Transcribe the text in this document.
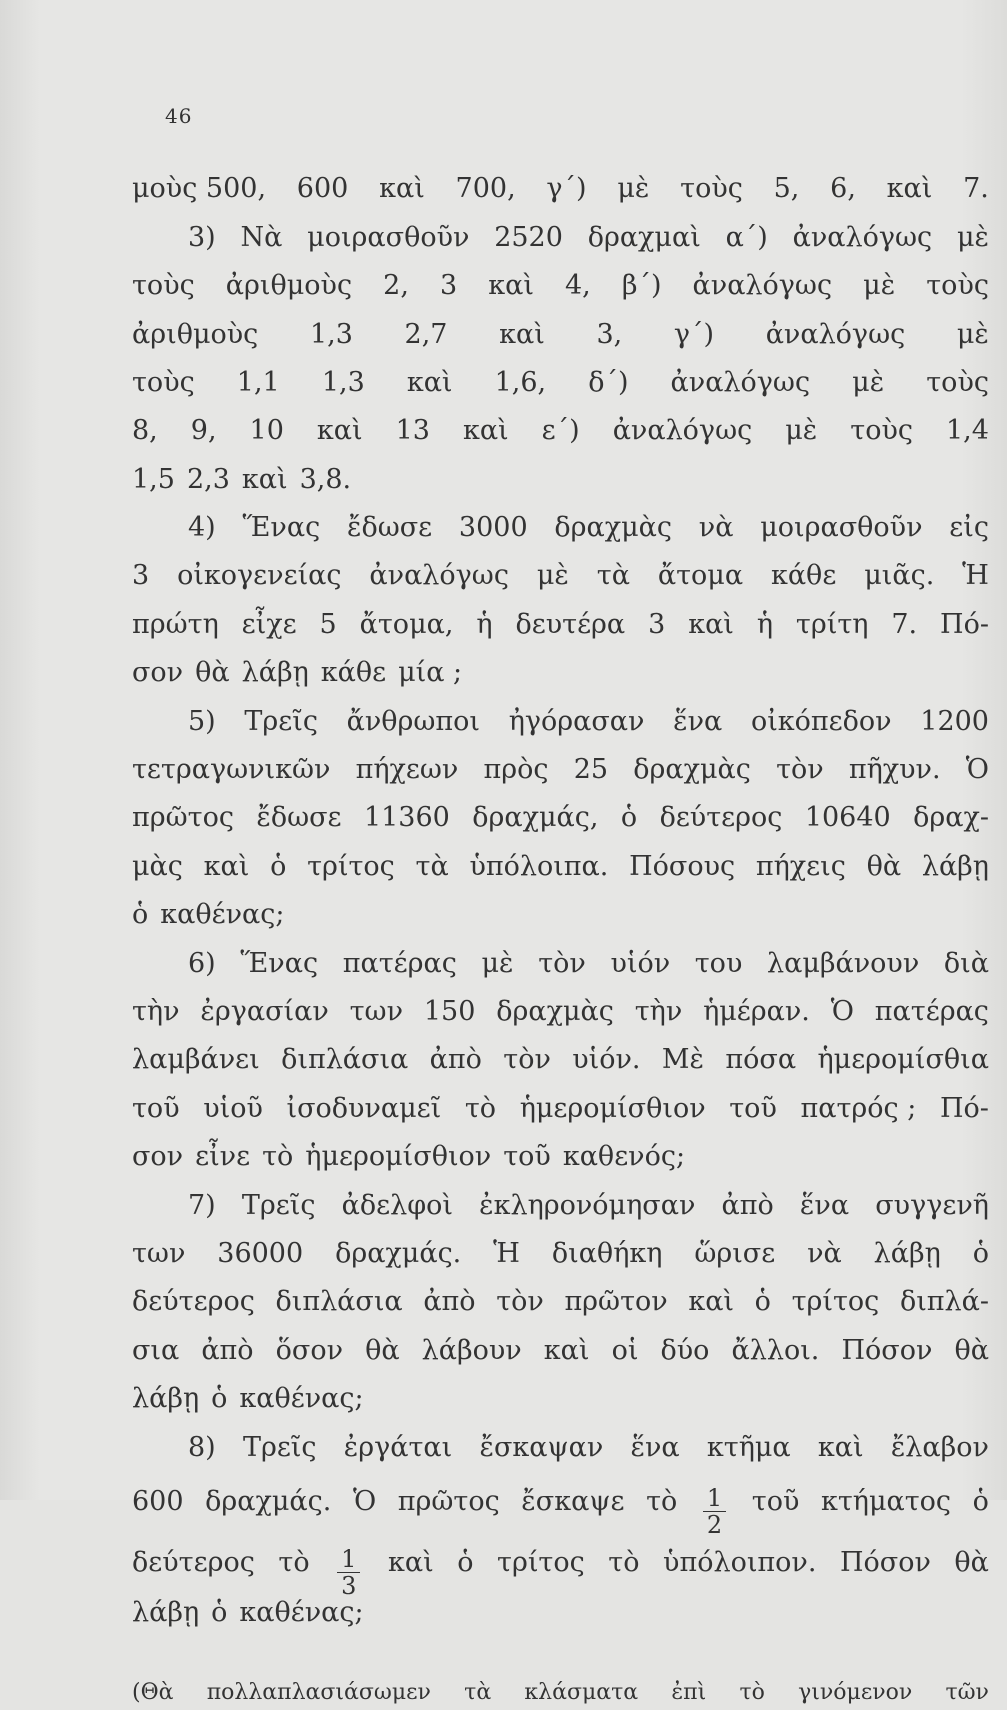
46
μοὺς 500, 600 καὶ 700, γ΄) μὲ τοὺς 5, 6, καὶ 7.
3) Νὰ μοιρασθοῦν 2520 δραχμαὶ α΄) ἀναλόγως μὲ
τοὺς ἀριθμοὺς 2, 3 καὶ 4, β΄) ἀναλόγως μὲ τοὺς
ἀριθμοὺς 1,3 2,7 καὶ 3, γ΄) ἀναλόγως μὲ
τοὺς 1,1 1,3 καὶ 1,6, δ΄) ἀναλόγως μὲ τοὺς
8, 9, 10 καὶ 13 καὶ ε΄) ἀναλόγως μὲ τοὺς 1,4
1,5 2,3 καὶ 3,8.
4) Ἕνας ἔδωσε 3000 δραχμὰς νὰ μοιρασθοῦν εἰς
3 οἰκογενείας ἀναλόγως μὲ τὰ ἄτομα κάθε μιᾶς. Ἡ
πρώτη εἶχε 5 ἄτομα, ἡ δευτέρα 3 καὶ ἡ τρίτη 7. Πό-
σον θὰ λάβῃ κάθε μία ;
5) Τρεῖς ἄνθρωποι ἠγόρασαν ἕνα οἰκόπεδον 1200
τετραγωνικῶν πήχεων πρὸς 25 δραχμὰς τὸν πῆχυν. Ὁ
πρῶτος ἔδωσε 11360 δραχμάς, ὁ δεύτερος 10640 δραχ-
μὰς καὶ ὁ τρίτος τὰ ὑπόλοιπα. Πόσους πήχεις θὰ λάβῃ
ὁ καθένας;
6) Ἕνας πατέρας μὲ τὸν υἱόν του λαμβάνουν διὰ
τὴν ἐργασίαν των 150 δραχμὰς τὴν ἡμέραν. Ὁ πατέρας
λαμβάνει διπλάσια ἀπὸ τὸν υἱόν. Μὲ πόσα ἡμερομίσθια
τοῦ υἱοῦ ἰσοδυναμεῖ τὸ ἡμερομίσθιον τοῦ πατρός ; Πό-
σον εἶνε τὸ ἡμερομίσθιον τοῦ καθενός;
7) Τρεῖς ἀδελφοὶ ἐκληρονόμησαν ἀπὸ ἕνα συγγενῆ
των 36000 δραχμάς. Ἡ διαθήκη ὥρισε νὰ λάβῃ ὁ
δεύτερος διπλάσια ἀπὸ τὸν πρῶτον καὶ ὁ τρίτος διπλά-
σια ἀπὸ ὅσον θὰ λάβουν καὶ οἱ δύο ἄλλοι. Πόσον θὰ
λάβῃ ὁ καθένας;
8) Τρεῖς ἐργάται ἔσκαψαν ἕνα κτῆμα καὶ ἔλαβον
600 δραχμάς. Ὁ πρῶτος ἔσκαψε τὸ $\frac{1}{2}$ τοῦ κτήματος ὁ
δεύτερος τὸ $\frac{1}{3}$ καὶ ὁ τρίτος τὸ ὑπόλοιπον. Πόσον θὰ
λάβῃ ὁ καθένας;
(Θὰ πολλαπλασιάσωμεν τὰ κλάσματα ἐπὶ τὸ γινόμενον τῶν
